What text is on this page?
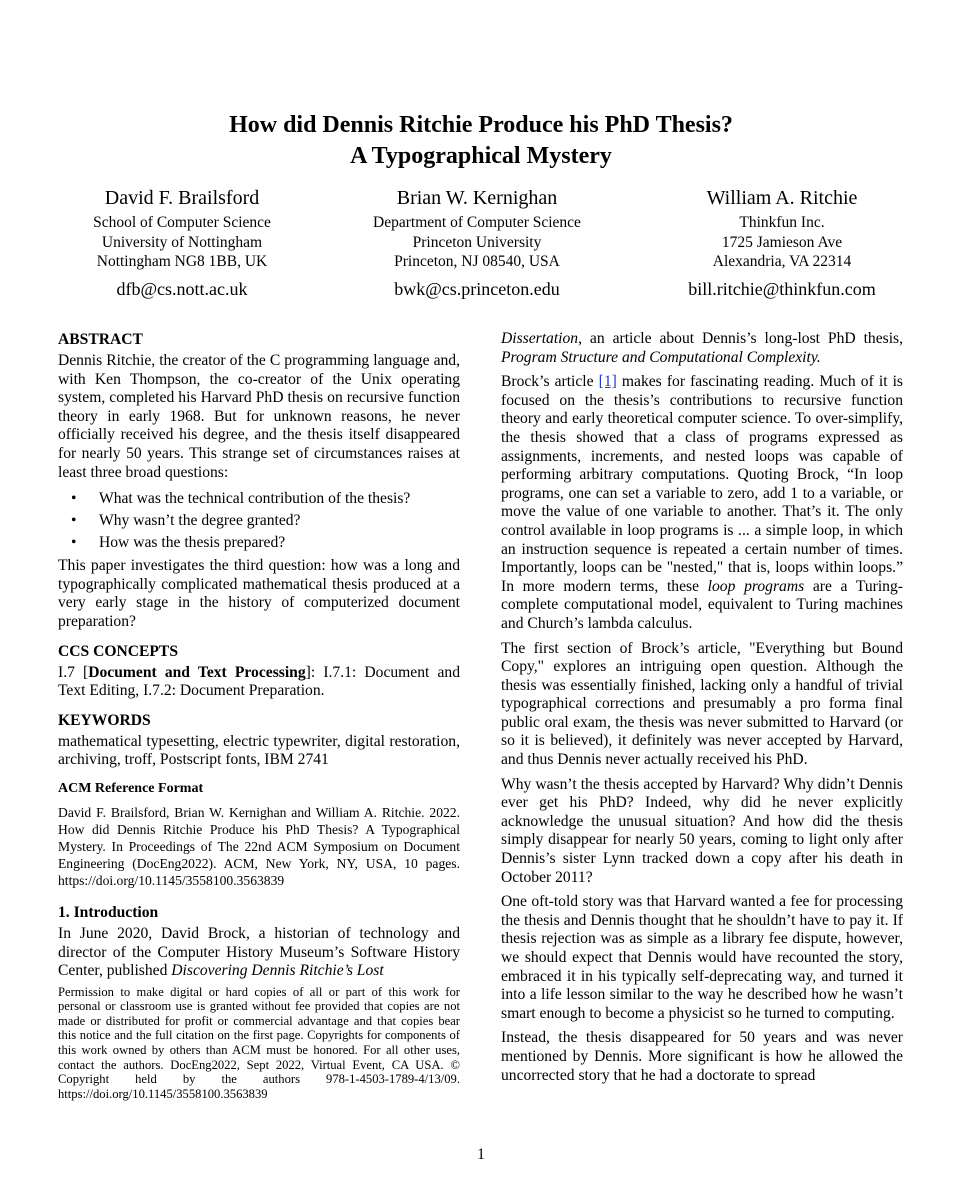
How did Dennis Ritchie Produce his PhD Thesis?
A Typographical Mystery
David F. Brailsford
School of Computer Science
University of Nottingham
Nottingham NG8 1BB, UK
dfb@cs.nott.ac.uk
Brian W. Kernighan
Department of Computer Science
Princeton University
Princeton, NJ 08540, USA
bwk@cs.princeton.edu
William A. Ritchie
Thinkfun Inc.
1725 Jamieson Ave
Alexandria, VA 22314
bill.ritchie@thinkfun.com
ABSTRACT

Dennis Ritchie, the creator of the C programming language and, with Ken Thompson, the co-creator of the Unix operating system, completed his Harvard PhD thesis on recursive function theory in early 1968. But for unknown reasons, he never officially received his degree, and the thesis itself disappeared for nearly 50 years. This strange set of circumstances raises at least three broad questions:

• What was the technical contribution of the thesis?
• Why wasn’t the degree granted?
• How was the thesis prepared?

This paper investigates the third question: how was a long and typographically complicated mathematical thesis produced at a very early stage in the history of computerized document preparation?

CCS CONCEPTS

I.7 [Document and Text Processing]: I.7.1: Document and Text Editing, I.7.2: Document Preparation.

KEYWORDS

mathematical typesetting, electric typewriter, digital restoration, archiving, troff, Postscript fonts, IBM 2741

ACM Reference Format

David F. Brailsford, Brian W. Kernighan and William A. Ritchie. 2022. How did Dennis Ritchie Produce his PhD Thesis? A Typographical Mystery. In Proceedings of The 22nd ACM Symposium on Document Engineering (DocEng2022). ACM, New York, NY, USA, 10 pages. https://doi.org/10.1145/3558100.3563839

1. Introduction

In June 2020, David Brock, a historian of technology and director of the Computer History Museum’s Software History Center, published Discovering Dennis Ritchie’s Lost

Permission to make digital or hard copies of all or part of this work for personal or classroom use is granted without fee provided that copies are not made or distributed for profit or commercial advantage and that copies bear this notice and the full citation on the first page. Copyrights for components of this work owned by others than ACM must be honored. For all other uses, contact the authors. DocEng2022, Sept 2022, Virtual Event, CA USA. © Copyright held by the authors 978-1-4503-1789-4/13/09. https://doi.org/10.1145/3558100.3563839

Dissertation, an article about Dennis’s long-lost PhD thesis, Program Structure and Computational Complexity.

Brock’s article [1] makes for fascinating reading. Much of it is focused on the thesis’s contributions to recursive function theory and early theoretical computer science. To over-simplify, the thesis showed that a class of programs expressed as assignments, increments, and nested loops was capable of performing arbitrary computations. Quoting Brock, “In loop programs, one can set a variable to zero, add 1 to a variable, or move the value of one variable to another. That’s it. The only control available in loop programs is ... a simple loop, in which an instruction sequence is repeated a certain number of times. Importantly, loops can be "nested," that is, loops within loops.” In more modern terms, these loop programs are a Turing-complete computational model, equivalent to Turing machines and Church’s lambda calculus.

The first section of Brock’s article, "Everything but Bound Copy," explores an intriguing open question. Although the thesis was essentially finished, lacking only a handful of trivial typographical corrections and presumably a pro forma final public oral exam, the thesis was never submitted to Harvard (or so it is believed), it definitely was never accepted by Harvard, and thus Dennis never actually received his PhD.

Why wasn’t the thesis accepted by Harvard? Why didn’t Dennis ever get his PhD? Indeed, why did he never explicitly acknowledge the unusual situation? And how did the thesis simply disappear for nearly 50 years, coming to light only after Dennis’s sister Lynn tracked down a copy after his death in October 2011?

One oft-told story was that Harvard wanted a fee for processing the thesis and Dennis thought that he shouldn’t have to pay it. If thesis rejection was as simple as a library fee dispute, however, we should expect that Dennis would have recounted the story, embraced it in his typically self-deprecating way, and turned it into a life lesson similar to the way he described how he wasn’t smart enough to become a physicist so he turned to computing.

Instead, the thesis disappeared for 50 years and was never mentioned by Dennis. More significant is how he allowed the uncorrected story that he had a doctorate to spread

1
